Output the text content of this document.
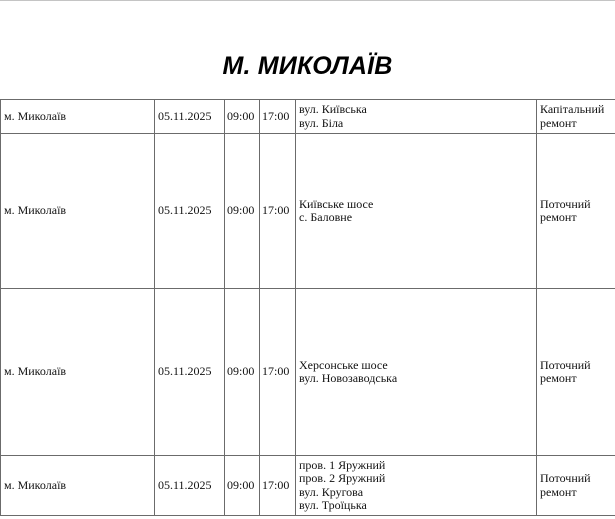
М. МИКОЛАЇВ
м. Миколаїв	05.11.2025	09:00	17:00	вул. Київська
вул. Біла	Капітальний
ремонт

м. Миколаїв	05.11.2025	09:00	17:00	Київське шосе
с. Баловне	Поточний
ремонт

м. Миколаїв	05.11.2025	09:00	17:00	Херсонське шосе
вул. Новозаводська	Поточний
ремонт

м. Миколаїв	05.11.2025	09:00	17:00	пров. 1 Яружний
пров. 2 Яружний
вул. Кругова
вул. Троїцька	Поточний
ремонт
